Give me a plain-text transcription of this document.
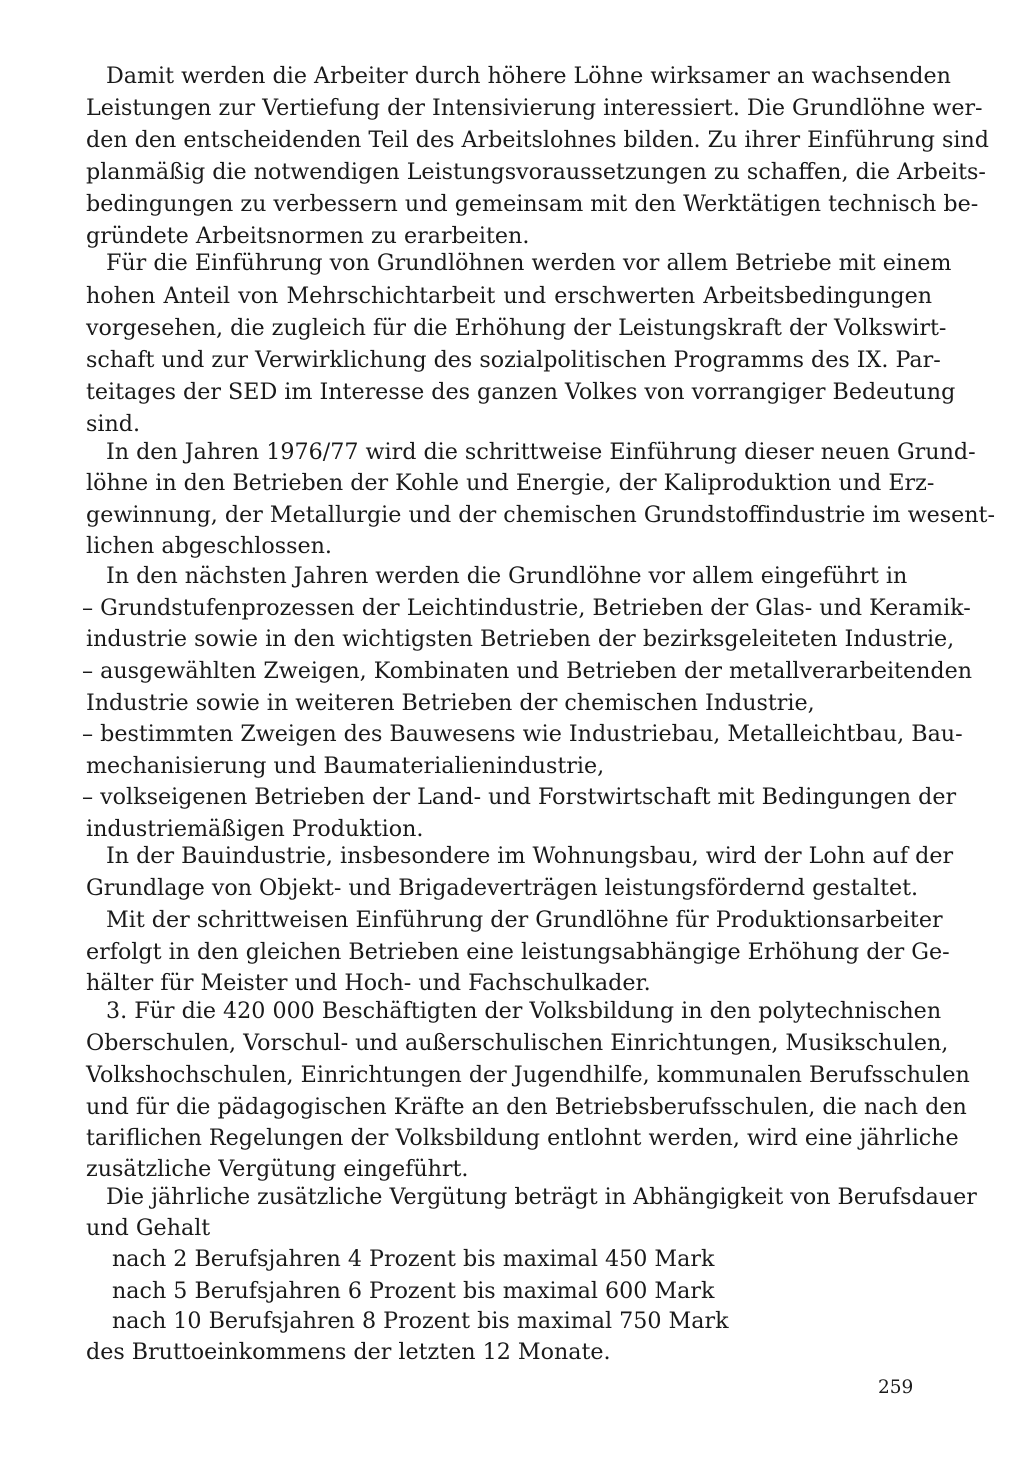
Damit werden die Arbeiter durch höhere Löhne wirksamer an wachsenden
Leistungen zur Vertiefung der Intensivierung interessiert. Die Grundlöhne wer-
den den entscheidenden Teil des Arbeitslohnes bilden. Zu ihrer Einführung sind
planmäßig die notwendigen Leistungsvoraussetzungen zu schaffen, die Arbeits-
bedingungen zu verbessern und gemeinsam mit den Werktätigen technisch be-
gründete Arbeitsnormen zu erarbeiten.
Für die Einführung von Grundlöhnen werden vor allem Betriebe mit einem
hohen Anteil von Mehrschichtarbeit und erschwerten Arbeitsbedingungen
vorgesehen, die zugleich für die Erhöhung der Leistungskraft der Volkswirt-
schaft und zur Verwirklichung des sozialpolitischen Programms des IX. Par-
teitages der SED im Interesse des ganzen Volkes von vorrangiger Bedeutung
sind.
In den Jahren 1976/77 wird die schrittweise Einführung dieser neuen Grund-
löhne in den Betrieben der Kohle und Energie, der Kaliproduktion und Erz-
gewinnung, der Metallurgie und der chemischen Grundstoffindustrie im wesent-
lichen abgeschlossen.
In den nächsten Jahren werden die Grundlöhne vor allem eingeführt in
– Grundstufenprozessen der Leichtindustrie, Betrieben der Glas- und Keramik-
industrie sowie in den wichtigsten Betrieben der bezirksgeleiteten Industrie,
– ausgewählten Zweigen, Kombinaten und Betrieben der metallverarbeitenden
Industrie sowie in weiteren Betrieben der chemischen Industrie,
– bestimmten Zweigen des Bauwesens wie Industriebau, Metalleichtbau, Bau-
mechanisierung und Baumaterialienindustrie,
– volkseigenen Betrieben der Land- und Forstwirtschaft mit Bedingungen der
industriemäßigen Produktion.
In der Bauindustrie, insbesondere im Wohnungsbau, wird der Lohn auf der
Grundlage von Objekt- und Brigadeverträgen leistungsfördernd gestaltet.
Mit der schrittweisen Einführung der Grundlöhne für Produktionsarbeiter
erfolgt in den gleichen Betrieben eine leistungsabhängige Erhöhung der Ge-
hälter für Meister und Hoch- und Fachschulkader.
3. Für die 420 000 Beschäftigten der Volksbildung in den polytechnischen
Oberschulen, Vorschul- und außerschulischen Einrichtungen, Musikschulen,
Volkshochschulen, Einrichtungen der Jugendhilfe, kommunalen Berufsschulen
und für die pädagogischen Kräfte an den Betriebsberufsschulen, die nach den
tariflichen Regelungen der Volksbildung entlohnt werden, wird eine jährliche
zusätzliche Vergütung eingeführt.
Die jährliche zusätzliche Vergütung beträgt in Abhängigkeit von Berufsdauer
und Gehalt
nach 2 Berufsjahren 4 Prozent bis maximal 450 Mark
nach 5 Berufsjahren 6 Prozent bis maximal 600 Mark
nach 10 Berufsjahren 8 Prozent bis maximal 750 Mark
des Bruttoeinkommens der letzten 12 Monate.
259
